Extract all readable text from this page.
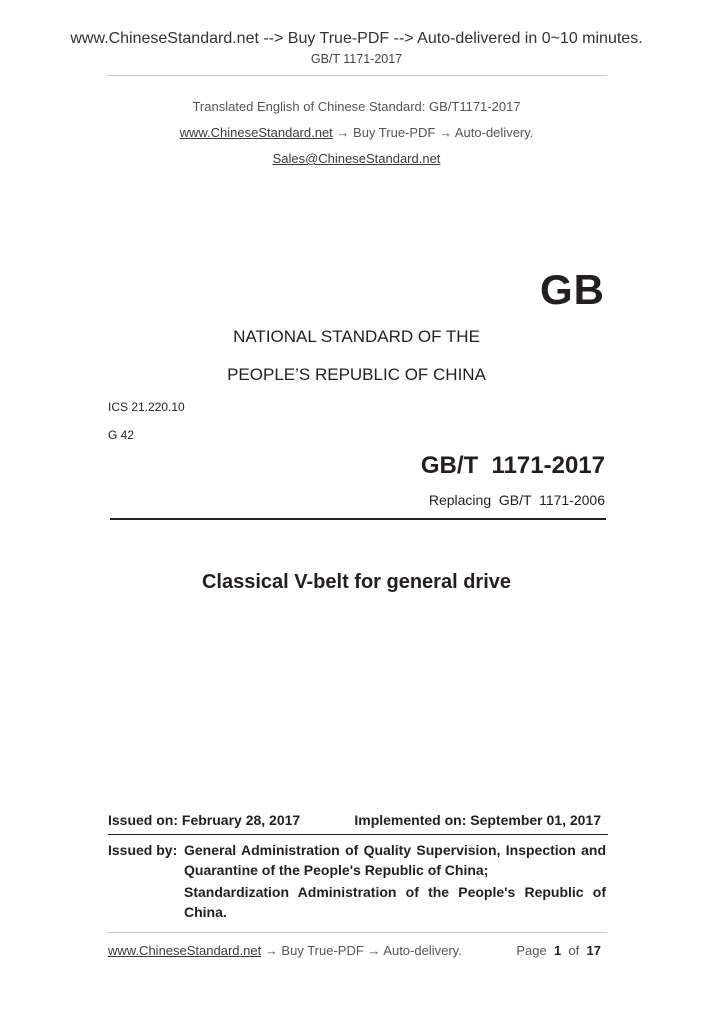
www.ChineseStandard.net --> Buy True-PDF --> Auto-delivered in 0~10 minutes.
GB/T 1171-2017
Translated English of Chinese Standard: GB/T1171-2017
www.ChineseStandard.net → Buy True-PDF → Auto-delivery.
Sales@ChineseStandard.net
GB
NATIONAL STANDARD OF THE
PEOPLE’S REPUBLIC OF CHINA
ICS 21.220.10
G 42
GB/T  1171-2017
Replacing  GB/T  1171-2006
Classical V-belt for general drive
Issued on: February 28, 2017	Implemented on: September 01, 2017
Issued by: General Administration of Quality Supervision, Inspection and Quarantine of the People's Republic of China;
Standardization Administration of the People's Republic of China.
www.ChineseStandard.net → Buy True-PDF → Auto-delivery.	Page 1 of 17
